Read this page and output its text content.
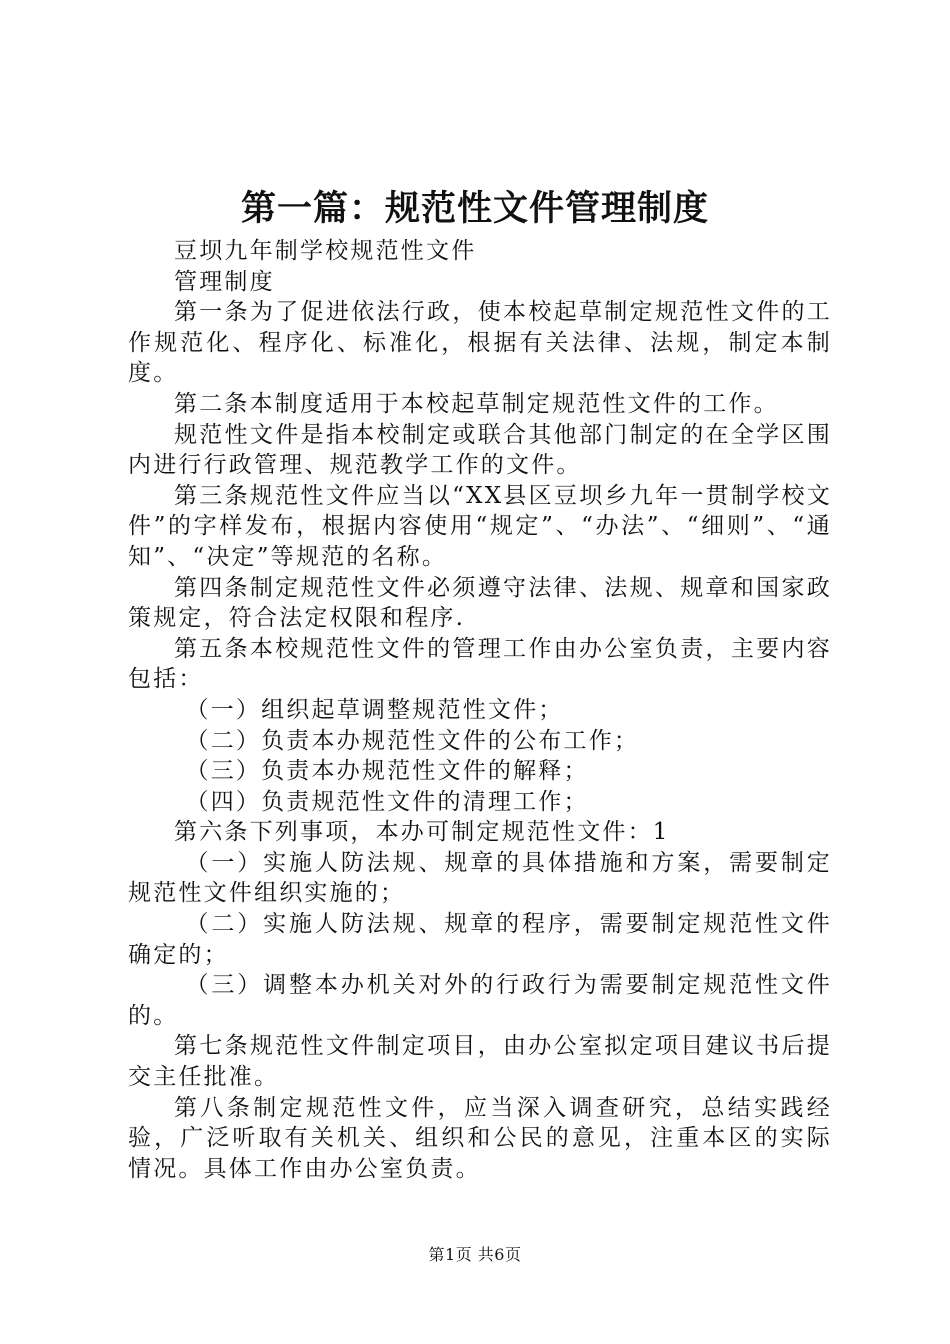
第一篇：规范性文件管理制度

豆坝九年制学校规范性文件

管理制度

第一条为了促进依法行政，使本校起草制定规范性文件的工作规范化、程序化、标准化，根据有关法律、法规，制定本制度。

第二条本制度适用于本校起草制定规范性文件的工作。

规范性文件是指本校制定或联合其他部门制定的在全学区围内进行行政管理、规范教学工作的文件。

第三条规范性文件应当以“XX县区豆坝乡九年一贯制学校文件”的字样发布，根据内容使用“规定”、“办法”、“细则”、“通知”、“决定”等规范的名称。

第四条制定规范性文件必须遵守法律、法规、规章和国家政策规定，符合法定权限和程序.

第五条本校规范性文件的管理工作由办公室负责，主要内容包括：

（一）组织起草调整规范性文件；

（二）负责本办规范性文件的公布工作；

（三）负责本办规范性文件的解释；

（四）负责规范性文件的清理工作；

第六条下列事项，本办可制定规范性文件：1

（一）实施人防法规、规章的具体措施和方案，需要制定规范性文件组织实施的；

（二）实施人防法规、规章的程序，需要制定规范性文件确定的；

（三）调整本办机关对外的行政行为需要制定规范性文件的。

第七条规范性文件制定项目，由办公室拟定项目建议书后提交主任批准。

第八条制定规范性文件，应当深入调查研究，总结实践经验，广泛听取有关机关、组织和公民的意见，注重本区的实际情况。具体工作由办公室负责。

第1页 共6页
